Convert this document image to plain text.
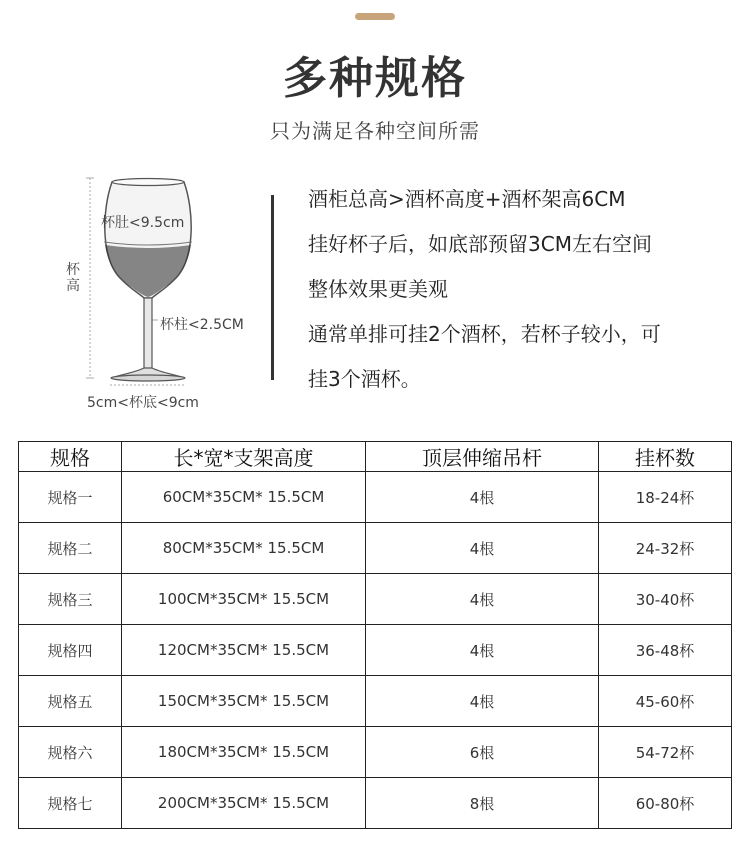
多种规格
只为满足各种空间所需
杯肚<9.5cm
杯柱<2.5CM
5cm<杯底<9cm
杯高
酒柜总高>酒杯高度+酒杯架高6CM
挂好杯子后，如底部预留3CM左右空间
整体效果更美观
通常单排可挂2个酒杯，若杯子较小，可
挂3个酒杯。
规格	长*宽*支架高度	顶层伸缩吊杆	挂杯数
规格一	60CM*35CM* 15.5CM	4根	18-24杯
规格二	80CM*35CM* 15.5CM	4根	24-32杯
规格三	100CM*35CM* 15.5CM	4根	30-40杯
规格四	120CM*35CM* 15.5CM	4根	36-48杯
规格五	150CM*35CM* 15.5CM	4根	45-60杯
规格六	180CM*35CM* 15.5CM	6根	54-72杯
规格七	200CM*35CM* 15.5CM	8根	60-80杯
